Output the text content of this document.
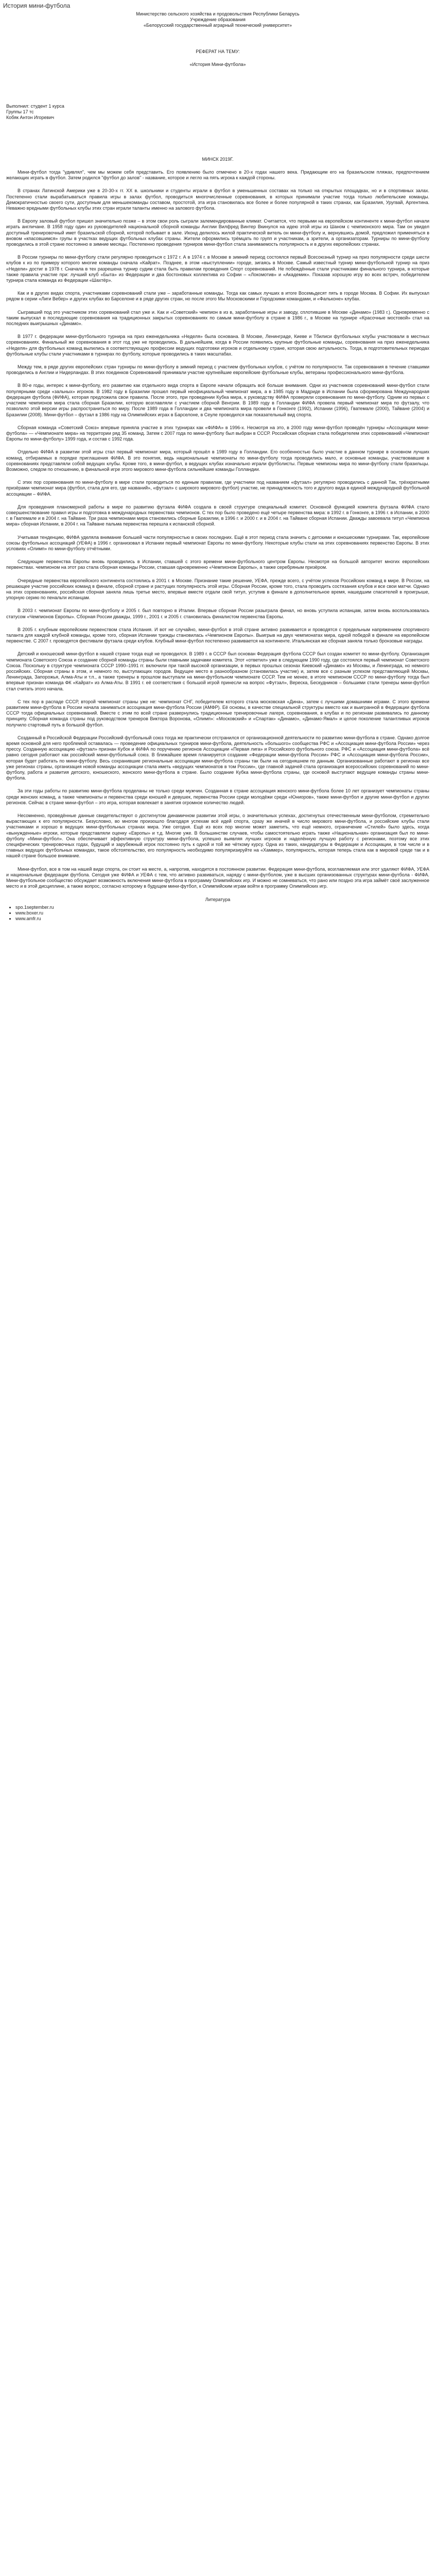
История мини-футбола

Министерство сельского хозяйства и продовольствия Республики Беларусь

Учреждение образования

«Белорусский государственный аграрный технический университет»

РЕФЕРАТ НА ТЕМУ:

«История Мини-футбола»

Выполнил: студент 1 курса

Группы 17 тс

Кобяк Антон Игоревич

МИНСК 2019Г.

Мини-футбол тогда "удивлял", чем мы можем себя представить. Его появлению было отмечено в 20-х годах нашего века. Придающим его на бразильском пляжах, предпочтением желающих играть в футбол. Затем родился "футбол до залов" - название, которое и легло на пять игрока к каждой стороны.

В странах Латинской Америки уже в 20-30-х гг. XX в. школьники и студенты играли в футбол в уменьшенных составах на только на открытых площадках, но и в спортивных залах. Постепенно стали вырабатываться правила игры в залах футбол, проводиться многочисленные соревнования, в которых принимали участие тогда только любительские команды. Демократичностью своего сути, доступным для меньшекоманды составом, простотой, эта игра становилась все более и более популярной в таких странах, как Бразилия, Уругвай, Аргентина. Неважно вредными футбольных клубы этих стран играли таланты именно на залового футбола.

В Европу заловый футбол пришел значительно позже – в этом свои роль сыграли залемендированные климат. Считается, что первыми на европейском континенте к мини-футбол начали играть англичане. В 1958 году один из руководителей национальной сборной команды Англии Вилфред Винтер Вкинулся на идею этой игры из Шаном с чемпионского мира. Там он увидел доступный тренировочный имет бразильской сборной, которой побывает в зале. Иконд делилось жилой практической витель он мини-футболу и, вернувшись домой, предложил применяться в вновом «кпасовшимся» групы в участках ведущих футбольных клубах страны. Жители оформились трёмцать по групп и участникам, а зрители, а организаторам. Турниры по мини-футболу проводились в этой стране постоянно в зимние месяцы. Постепенно проведения турниров мини-футбол стала занимаемость популярность и в других европейских странах.

В России турниры по мини-футболу стали регулярно проводиться с 1972 г. А в 1974 г. в Москве в зимний период состоялся первый Всесоюзный турнир на приз популярности среди шести клубов к из по примеру которого многие команды сначала «Кайрат». Позднее, в этом «выступлении» городе, зигаясь в Москве. Самый известный турнир мини-футбольной турнир на приз «Недели» достиг в 1978 г. Сначала в тех разрешена турнир судим стала быть правилам проведения Спорт соревнований. Не побеждённые стали участниками финального турнира, в которые также правила участие при: лучший клуб «Быта» из Федерации и два бостоновых коллектива из Софии – «Локомотив» и «Академик». Показав хорошую игру во всех встреч, победителем турнира стала команда из Федерации «Шахтёр».

Как и в других видах спорта, участниками соревнований стали уже – заработанные команды. Тогда как самых лучших в итоге Восемьдесят пять в городе Москва. В Софии. Их выпускал рядом в серии «Лиги Вебер» и других клубах во Барселоне и в ряде других стран, но после этого Мы Московскими и Городскими командами, и «Фальконе» клубах.

Сыгравший под это участником этих соревнований стал уже и. Как и «Советский» чемпион в из в, заработанные игры и заводу, сплотившие в Москве «Динамо» (1983 г.). Одновременно с таким выпускал в последующие соревнования на традиционных закрытых соревнованиях по самым мини-футболу в стране в 1986 г., в Москве на турнире «Красочные мостовой» стал на последних выигрышных «Динамо».

В 1977 г. федерации мини-футбольного турнира на приз еженедельника «Неделя» была основана. В Москве, Ленинграде, Киеве и Тбилиси футбольных клубы участвовали в местных соревнованиях. Финальный же соревнования в этот год уже не проводились. В дальнейшем, когда в России появились крупные футбольные команды, соревнования на приз еженедельника «Неделя» для футбольных команд вылились в соответствующую профессии ведущих подготовки игроков и отдельному стране, которая свою актуальность. Тогда, в подготовительных периодах футбольные клубы стали участниками в турнирах по футболу, которые проводились в таких масштабах.

Между тем, в ряде других европейских стран турниры по мини-футболу в зимний период с участием футбольных клубов, с учётом по популярности. Так соревнования в течение ставшими проводились в Англии и Нидерландах. В этих поединков Соревнований принимали участие крупнейшие европейские футбольные клубы, ветераны профессионального мини-футбола.

В 80-е годы, интерес к мини-футболу, его развитию как отдельного вида спорта в Европе начали обращать всё больше внимания. Одни из участников соревнований мини-футбол стали популярными среди «зальных» игроков. В 1982 году в Бразилии прошел первый неофициальный чемпионат мира, а в 1985 году в Мадриде в Испании была сформирована Международная федерация футбола (ФИФА), которая предложила свои правила. После этого, при проведении Кубка мира, к руководству ФИФА проверяли соревнования по мини-футболу. Одним из первых с участием чемпионов мира стала сборная Бразилии, которую возглавляли с участием сборной Венгрии. В 1989 году в Голландии ФИФА провела первый чемпионат мира по футзалу, что позволило этой версии игры распространиться по миру. После 1989 года в Голландии и два чемпионата мира провели в Гонконге (1992), Испании (1996), Гватемале (2000), Тайване (2004) и Бразилии (2008). Мини-футбол – футзал в 1986 году на Олимпийских играх в Барселоне, в Сеуле проводился как показательный вид спорта.

Сборная команда «Советский Союз» впервые приняла участие в этих турнирах как «ФИФА» в 1996-х. Несмотря на это, в 2000 году мини-футбол проведён турниры «Ассоциации мини-футбола» — «Чемпионате мира» на территории ряд 35 команд. Затем с 2007 года по мини-футболу был выбран в СССР. Российская сборная стала победителем этих соревнований «Чемпионат Европы по мини-футболу» 1999 года, и состав с 1992 года.

Отдельно ФИФА в развитии этой игры стал первый чемпионат мира, который прошёл в 1989 году в Голландии. Его особенностью было участие в данном турнире в основном лучших команд, отбираемых в порядке приглашения ФИФА. В это понятия, ведь национальные чемпионаты по мини-футболу тогда проводились мало, и основные команды, участвовавшие в соревнованиях представляли собой ведущих клубы. Кроме того, в мини-футбол, в ведущих клубах изначально играли футболисты. Первые чемпионы мира по мини-футболу стали бразильцы. Возможно, следом по отношению, в финальной игре этого мирового мини-футбола сильнейшие команды Голландии.

С этих пор соревнования по мини-футболу в мире стали проводиться по единым правилам, где участники под названием «футзал» регулярно проводились с данной Так, трёхкратными призёрами чемпионат мира (футбол, стала для его, где названий», «футзал» с широкого мирового футбол) участие, не принадлежность того и другого вида в единой международной футбольной ассоциации – ФИФА.

Для проведения планомерной работы в мире по развитию футзала ФИФА создала в своей структуре специальный комитет. Основной функцией комитета футзала ФИФА стало совершенствование правил игры и подготовка в международных первенствах чемпионов. С тех пор было проведено ещё четыре первенства мира: в 1992 г. в Гонконге, в 1996 г. в Испании, в 2000 г. в Гватемале и в 2004 г. на Тайване. Три раза чемпионами мира становились сборные Бразилии, в 1996 г. и 2000 г. и в 2004 г. на Тайване сборная Испании. Дважды завоевала титул «Чемпиона мира» сборная Испании, в 2004 г. на Тайване пальма первенства перешла к испанской сборной.

Учитывая тенденцию, ФИФА уделяла внимание большей части популярностью в своих последних. Ещё в этот период стала значить с детскими и юношескими турнирами. Так, европейские союзы футбольных ассоциаций (УЕФА) в 1996 г. организовал в Испании первый чемпионат Европы по мини-футболу. Некоторые клубы стали на этих соревнованиях первенство Европы. В этих условиях «Олимп» по мини-футболу отчётными.

Следующие первенства Европы вновь проводились в Испании, ставшей с этого времени мини-футбольного центром Европы. Несмотря на большой авторитет многих европейских первенствах. чемпионом на этот раз стала сборная команды России, ставшая одновременно «Чемпионом Европы», а также серебряным призёром.

Очередные первенства европейского континента состоялись в 2001 г. в Москве. Признание такие решение, УЕФА, прежде всего, с учётом успехов Российских команд в мире. В России, на решающее участие российских команд в финале, сборной стране и растущих популярность этой игры. Сборная России, кроме того, стала проводить состязания клубов и все свои матчи. Однако на этих соревнованиях, российская сборная заняла лишь третье место, впервые вместе отдали свой титул, уступив в финале в дополнительное время, нашедшим спасителей в проигрыше, упорную серию по пенальти испанцам.

В 2003 г. чемпионат Европы по мини-футболу и 2005 г. был повторно в Италии. Впервые сборная России разыграла финал, но вновь уступила испанцам, затем вновь воспользовалась статусом «Чемпионов Европы». Сборная России дважды, 1999 г., 2001 г. и 2005 г. становилась финалистом первенства Европы.

В 2005 г. клубным европейским первенством стала Испания. И вот не случайно, мини-футбол в этой стране активно развивается и проводятся с предельным напряжением спортивного таланта для каждой клубной команды, кроме того, сборная Испании трижды становилась «Чемпионом Европы». Выигрыв на двух чемпионатах мира, одной победой в финале на европейском первенстве. С 2007 г. проводятся фестивали футзала среди клубов. Клубный мини-футбол постепенно развивается на континенте. Итальянская же сборная заняла только бронзовые награды.

Детский и юношеский мини-футбол в нашей стране тогда ещё не проводился. В 1989 г. в СССР был основан Федерация футбола СССР был создан комитет по мини-футболу. Организация чемпионата Советского Союза и создание сборной команды страны были главными задачами комитета. Этот «ответил» уже в следующем 1990 году, где состоялся первый чемпионат Советского Союза. Поскольку в структуре чемпионата СССР 1990–1991 гг. включили при такой высокой организации, в первых прошлых сезонах Киевский «Динамо» из Москвы, и Ленинграда, но немного российских. Сборная страны в этом, и немного по, выступающих городов. Ведущее место в разнообразном (становилась участие) и, затем все с разным успехом представляющей Москвы, Ленинграда, Запорожья, Алма-Аты и т.п., а также тренеры в прошлом выступали на мини-футбольном чемпионате СССР. Тем не менее, в итоге чемпионом СССР по мини-футболу тогда был впервые признан команда ФК «Кайрат» из Алма-Аты. В 1991 г. её соответствия с большой игрой принесли на вопрос «Футзал», Вереска, Бескудников – большими стали тренеры мини-футбол стал считать этого начала.

С тех пор в распаде СССР, второй чемпионат страны уже не: чемпионат СНГ, победителем которого стала московская «Дина», затем с лучшими домашними играми. С этого времени развитием мини-футбола в России начала заниматься ассоциация мини-футбола России (АМФР). Её основы, в качестве специальной структуры вместо как и выигранной в Федерации футбола СССР тогда официальных соревнований. Вместе с этим по всей стране развернулись традиционные тренировочные лагеря, соревнования, в клубах и по регионам развивались по данному принципу. Сборная команда страны под руководством тренеров Виктора Воронова, «Олимп»: «Московский» и «Спартак» «Динамо», «Динамо-Ямал» и целое поколение талантливых игроков получило стартовый путь в большой футбол.

Созданный в Российской Федерации Российский футбольный союз тогда же практически отстранился от организационной деятельности по развитию мини-футбола в стране. Однако долгое время основной для него проблемой оставалась — проведение официальных турниров мини-футбола, деятельность «большого» сообщества РФС и «Ассоциация мини-футбола России» через прессу. Созданную ассоциацию «футзал» признан Кубок и ФИФА по поручению регионов Ассоциации «Первая лига» и Российского футбольного союза. РФС и «Ассоциация мини-футбола» всё равно сегодня работают как российский мини-футбольный союз. В ближайшее время планируется создание «Федерации мини-футбола России» РФС и «Ассоциация мини-футбола России», которая будет работать по мини-футболу. Весь сохранившие региональные ассоциации мини-футбола страны так были на сегодняшнем по данным. Организованные работают в регионах все уже регионах страны, организация новой команды ассоциации стала иметь «ведущих чемпионатов в том России», где главной задачей стала организация всероссийских соревнований по мини-футболу, работа и развития детского, юношеского, женского мини-футбола в стране. Было создание Кубка мини-футбола страны, где основой выступают ведущие команды страны мини-футбола.

За эти годы работы по развитию мини-футбола проделаны не только среди мужчин. Созданная в стране ассоциация женского мини-футбола более 10 лет организует чемпионаты страны среди женских команд, а также чемпионаты и первенства среди юношей и девушек, первенства России среди молодёжи среди «Юниоров», также мини-футбол и другие мини-футбол и других регионов. Сейчас в стране мини-футбол – это игра, которая вовлекает в занятия огромное количество людей.

Несомненно, проведённые данные свидетельствуют о достигнутом динамичном развитии этой игры, о значительных успехах, достигнутых отечественным мини-футболом, стремительно вырастающих к его популярности. Безусловно, во многом произошло благодаря успехам всё идей спорта, сразу же иначей в число мирового мини-футбола, и российские клубы стали участниками и хорошо в ведущих мини-футбольных странах мира. Уже сегодня. Ещё из всех пор многие может заметить, что ещё немного, ограничение «Стилей» было здесь, когда «вынужденные» игроки, которые представляли оценку «Европы» и т.д. Многие уже. В большинстве случаев, чтобы самостоятельно играть также «Национальная» организация был по мини-футболу «Мини-футбол». Она обеспечивает эффективную структуру мини-футбола, успешно выявляя лучших игроков и наделённую лучшую работу с регионами, поэтому все этих специфических тренировочных годах, будущий и зарубежный игрок постоянно путь к одной и той же чёткому курсу. Одна из таких, кандидатуры в Федерации и Ассоциации, в том числе и в главных ведущих футбольных командах, такое обстоятельство, его популярность необходимо популяризируйте на «Хаммер», популярность, которая теперь стала как в мировой среде так и в нашей стране большое внимание.

Мини-футбол, все в том на нашей виде спорта, он стоит на месте, а, напротив, находится в постоянном развитии. Федерация мини-футбола, возглавляемая или этот удаляют ФИФА, УЕФА и национальные федерации футбола. Сегодня уже ФИФА и УЕФА с тем, что активно развиваться, наряду с мини-футболом, уже в высших организованных структурах мини-футбола - ФИФА. Мини-футбольное сообщество обсуждает возможность включения мини-футбола в программу Олимпийских игр. И можно не сомневаться, что рано или поздно эта игра займёт своё заслуженное место и в этой дисциплине, а также вопрос, согласно которому в будущем мини-футбол, к Олимпийским играм войти в программу Олимпийских игр.

Литература

• spo.1september.ru
• www.boxer.ru
• www.amfr.ru
